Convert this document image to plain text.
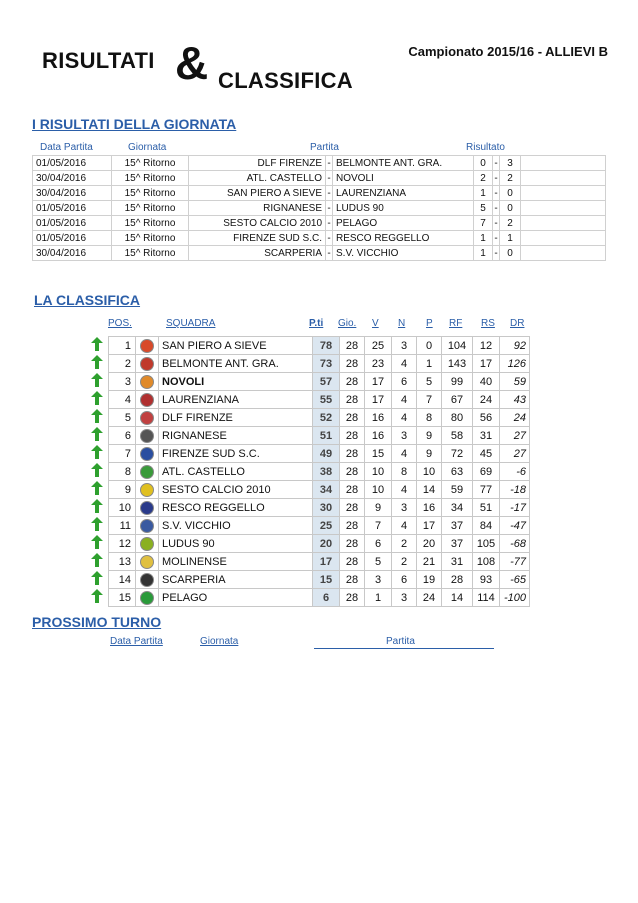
RISULTATI & CLASSIFICA
Campionato 2015/16 - ALLIEVI B
I RISULTATI DELLA GIORNATA
Data Partita	Giornata	Partita	Risultato
01/05/2016	15^ Ritorno	DLF FIRENZE	-	BELMONTE ANT. GRA.	0	-	3	
30/04/2016	15^ Ritorno	ATL. CASTELLO	-	NOVOLI	2	-	2	
30/04/2016	15^ Ritorno	SAN PIERO A SIEVE	-	LAURENZIANA	1	-	0	
01/05/2016	15^ Ritorno	RIGNANESE	-	LUDUS 90	5	-	0	
01/05/2016	15^ Ritorno	SESTO CALCIO 2010	-	PELAGO	7	-	2	
01/05/2016	15^ Ritorno	FIRENZE SUD S.C.	-	RESCO REGGELLO	1	-	1	
30/04/2016	15^ Ritorno	SCARPERIA	-	S.V. VICCHIO	1	-	0	
LA CLASSIFICA
POS.	SQUADRA	P.ti Gio. V N P RF RS DR
	1		SAN PIERO A SIEVE	78	28	25	3	0	104	12	92
	2		BELMONTE ANT. GRA.	73	28	23	4	1	143	17	126
	3		NOVOLI	57	28	17	6	5	99	40	59
	4		LAURENZIANA	55	28	17	4	7	67	24	43
	5		DLF FIRENZE	52	28	16	4	8	80	56	24
	6		RIGNANESE	51	28	16	3	9	58	31	27
	7		FIRENZE SUD S.C.	49	28	15	4	9	72	45	27
	8		ATL. CASTELLO	38	28	10	8	10	63	69	-6
	9		SESTO CALCIO 2010	34	28	10	4	14	59	77	-18
	10		RESCO REGGELLO	30	28	9	3	16	34	51	-17
	11		S.V. VICCHIO	25	28	7	4	17	37	84	-47
	12		LUDUS 90	20	28	6	2	20	37	105	-68
	13		MOLINENSE	17	28	5	2	21	31	108	-77
	14		SCARPERIA	15	28	3	6	19	28	93	-65
	15		PELAGO	6	28	1	3	24	14	114	-100
PROSSIMO TURNO
Data Partita	Giornata	Partita
